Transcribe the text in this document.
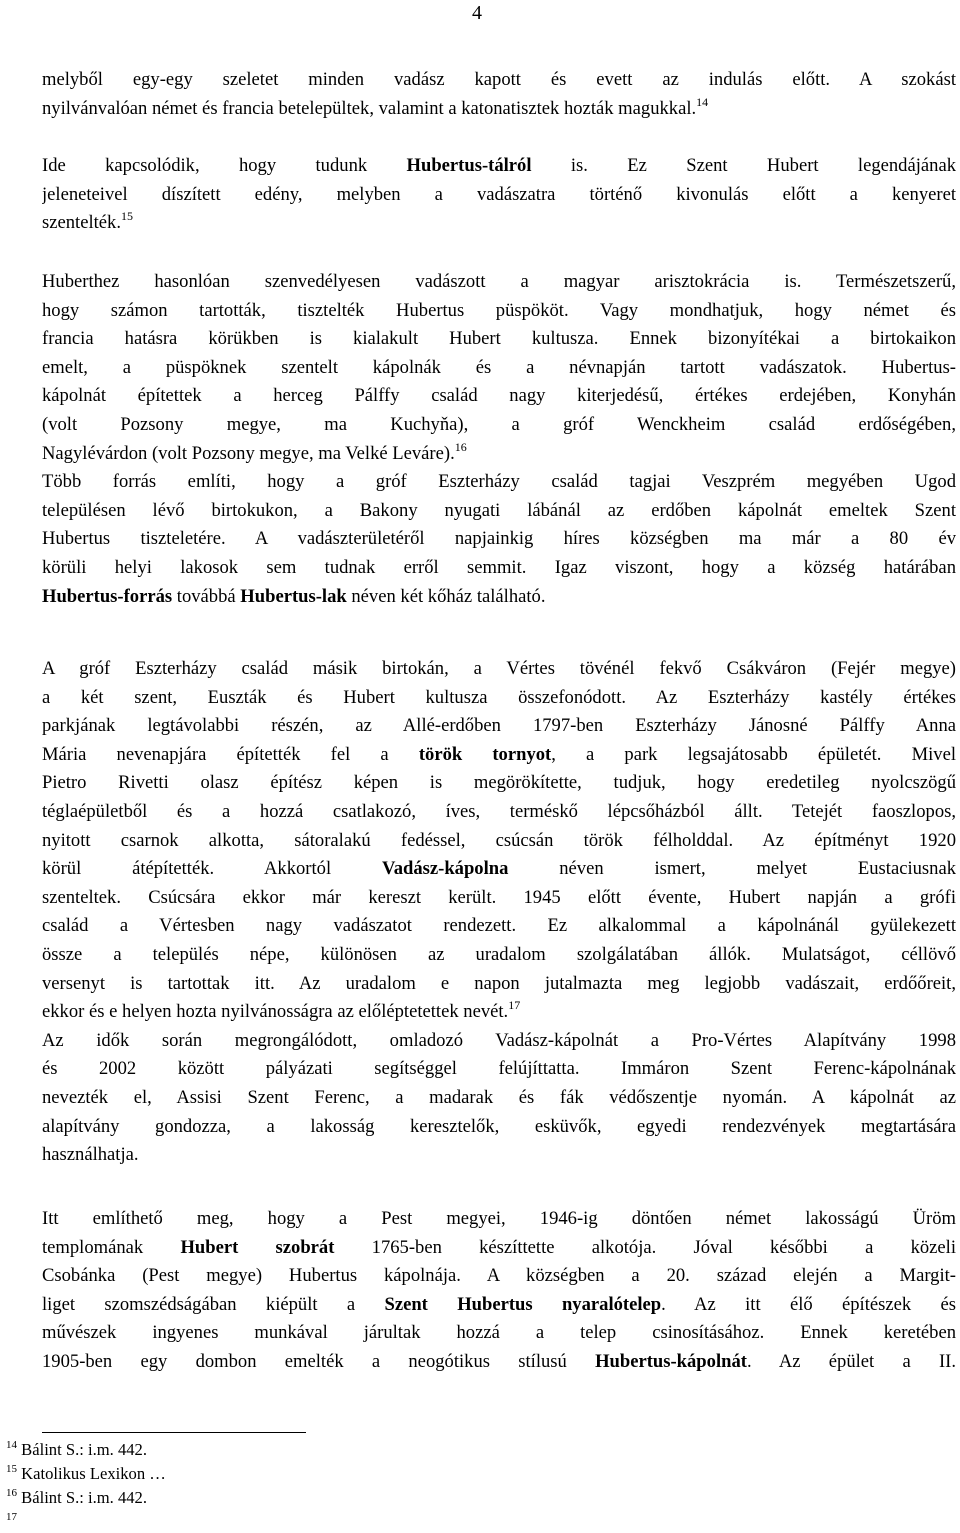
4
melyből egy-egy szeletet minden vadász kapott és evett az indulás előtt. A szokást
nyilvánvalóan német és francia betelepültek, valamint a katonatisztek hozták magukkal.$^{14}$
Ide kapcsolódik, hogy tudunk Hubertus-tálról is. Ez Szent Hubert legendájának
jeleneteivel díszített edény, melyben a vadászatra történő kivonulás előtt a kenyeret
szentelték.$^{15}$
Huberthez hasonlóan szenvedélyesen vadászott a magyar arisztokrácia is. Természetszerű,
hogy számon tartották, tisztelték Hubertus püspököt. Vagy mondhatjuk, hogy német és
francia hatásra körükben is kialakult Hubert kultusza. Ennek bizonyítékai a birtokaikon
emelt, a püspöknek szentelt kápolnák és a névnapján tartott vadászatok. Hubertus-
kápolnát építettek a herceg Pálffy család nagy kiterjedésű, értékes erdejében, Konyhán
(volt Pozsony megye, ma Kuchyňa), a gróf Wenckheim család erdőségében,
Nagylévárdon (volt Pozsony megye, ma Velké Leváre).$^{16}$
Több forrás említi, hogy a gróf Eszterházy család tagjai Veszprém megyében Ugod
településen lévő birtokukon, a Bakony nyugati lábánál az erdőben kápolnát emeltek Szent
Hubertus tiszteletére. A vadászterületéről napjainkig híres községben ma már a 80 év
körüli helyi lakosok sem tudnak erről semmit. Igaz viszont, hogy a község határában
Hubertus-forrás továbbá Hubertus-lak néven két kőház található.
A gróf Eszterházy család másik birtokán, a Vértes tövénél fekvő Csákváron (Fejér megye)
a két szent, Euszták és Hubert kultusza összefonódott. Az Eszterházy kastély értékes
parkjának legtávolabbi részén, az Allé-erdőben 1797-ben Eszterházy Jánosné Pálffy Anna
Mária nevenapjára építették fel a török tornyot, a park legsajátosabb épületét. Mivel
Pietro Rivetti olasz építész képen is megörökítette, tudjuk, hogy eredetileg nyolcszögű
téglaépületből és a hozzá csatlakozó, íves, terméskő lépcsőházból állt. Tetejét faoszlopos,
nyitott csarnok alkotta, sátoralakú fedéssel, csúcsán török félholddal. Az építményt 1920
körül átépítették. Akkortól Vadász-kápolna néven ismert, melyet Eustaciusnak
szenteltek. Csúcsára ekkor már kereszt került. 1945 előtt évente, Hubert napján a grófi
család a Vértesben nagy vadászatot rendezett. Ez alkalommal a kápolnánál gyülekezett
össze a település népe, különösen az uradalom szolgálatában állók. Mulatságot, céllövő
versenyt is tartottak itt. Az uradalom e napon jutalmazta meg legjobb vadászait, erdőőreit,
ekkor és e helyen hozta nyilvánosságra az előléptetettek nevét.$^{17}$
Az idők során megrongálódott, omladozó Vadász-kápolnát a Pro-Vértes Alapítvány 1998
és 2002 között pályázati segítséggel felújíttatta. Immáron Szent Ferenc-kápolnának
nevezték el, Assisi Szent Ferenc, a madarak és fák védőszentje nyomán. A kápolnát az
alapítvány gondozza, a lakosság keresztelők, esküvők, egyedi rendezvények megtartására
használhatja.
Itt említhető meg, hogy a Pest megyei, 1946-ig döntően német lakosságú Üröm
templomának Hubert szobrát 1765-ben készíttette alkotója. Jóval későbbi a közeli
Csobánka (Pest megye) Hubertus kápolnája. A községben a 20. század elején a Margit-
liget szomszédságában kiépült a Szent Hubertus nyaralótelep. Az itt élő építészek és
művészek ingyenes munkával járultak hozzá a telep csinosításához. Ennek keretében
1905-ben egy dombon emelték a neogótikus stílusú Hubertus-kápolnát. Az épület a II.
$^{14}$ Bálint S.: i.m. 442.
$^{15}$ Katolikus Lexikon …
$^{16}$ Bálint S.: i.m. 442.
$^{17}$
